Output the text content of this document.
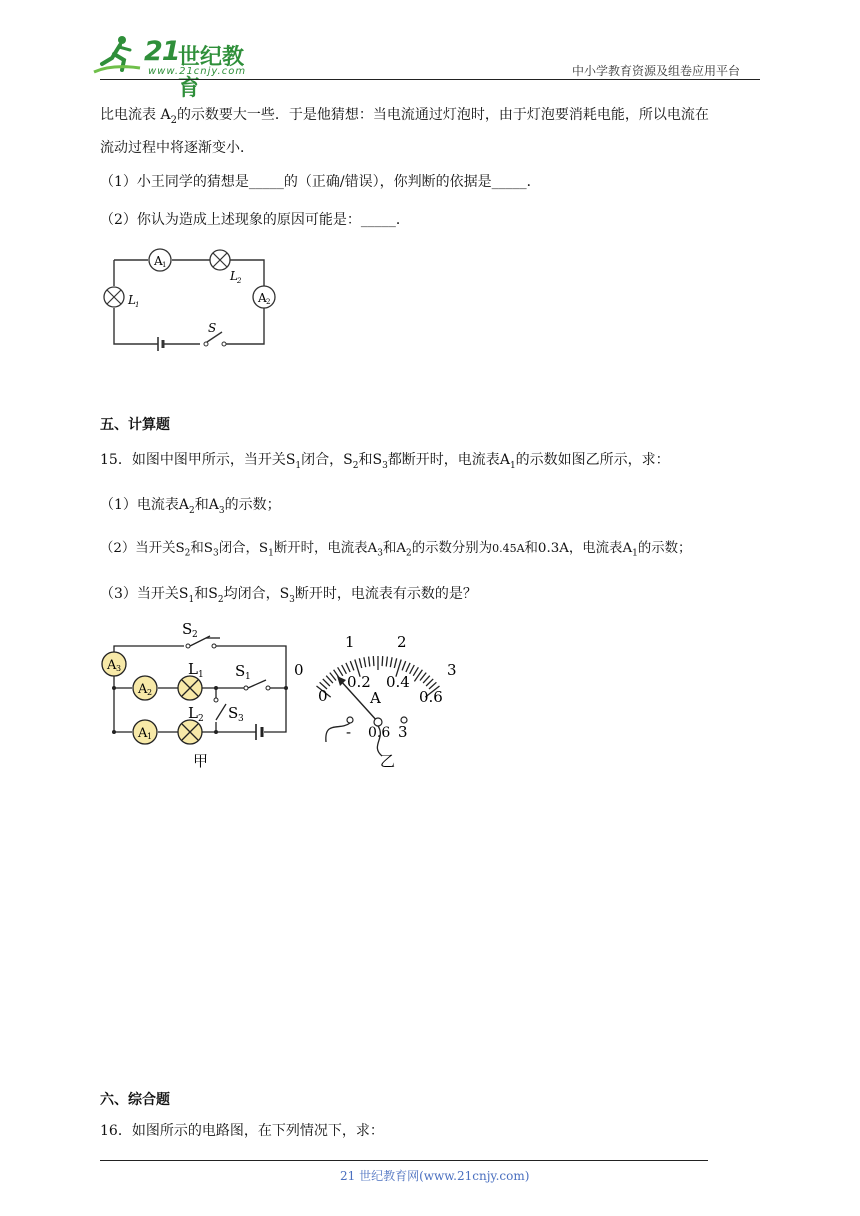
21
世纪教育
www.21cnjy.com	中小学教育资源及组卷应用平台
比电流表 $A_2$的示数要大一些．于是他猜想：当电流通过灯泡时，由于灯泡要消耗电能，所以电流在
流动过程中将逐渐变小．
（1）小王同学的猜想是_____的（正确/错误），你判断的依据是_____．
（2）你认为造成上述现象的原因可能是：_____．
A 1
L 2
A 2
L 1
S
五、计算题
15．如图中图甲所示，当开关$S_1$闭合，$S_2$和$S_3$都断开时，电流表$A_1$的示数如图乙所示，求：
（1）电流表$A_2$和$A_3$的示数；
（2）当开关$S_2$和$S_3$闭合，$S_1$断开时，电流表$A_3$和$A_2$的示数分别为0.45A和0.3A，电流表$A_1$的示数；
（3）当开关$S_1$和$S_2$均闭合，$S_3$断开时，电流表有示数的是？
A 3
A 2
A 1
S 2
L 1 S 1
L 2 S 3
甲
0
1	2
3
0
0.2 0.4
0.6
A
- 0.6 3
乙
六、综合题
16．如图所示的电路图，在下列情况下，求：
21 世纪教育网(www.21cnjy.com)
